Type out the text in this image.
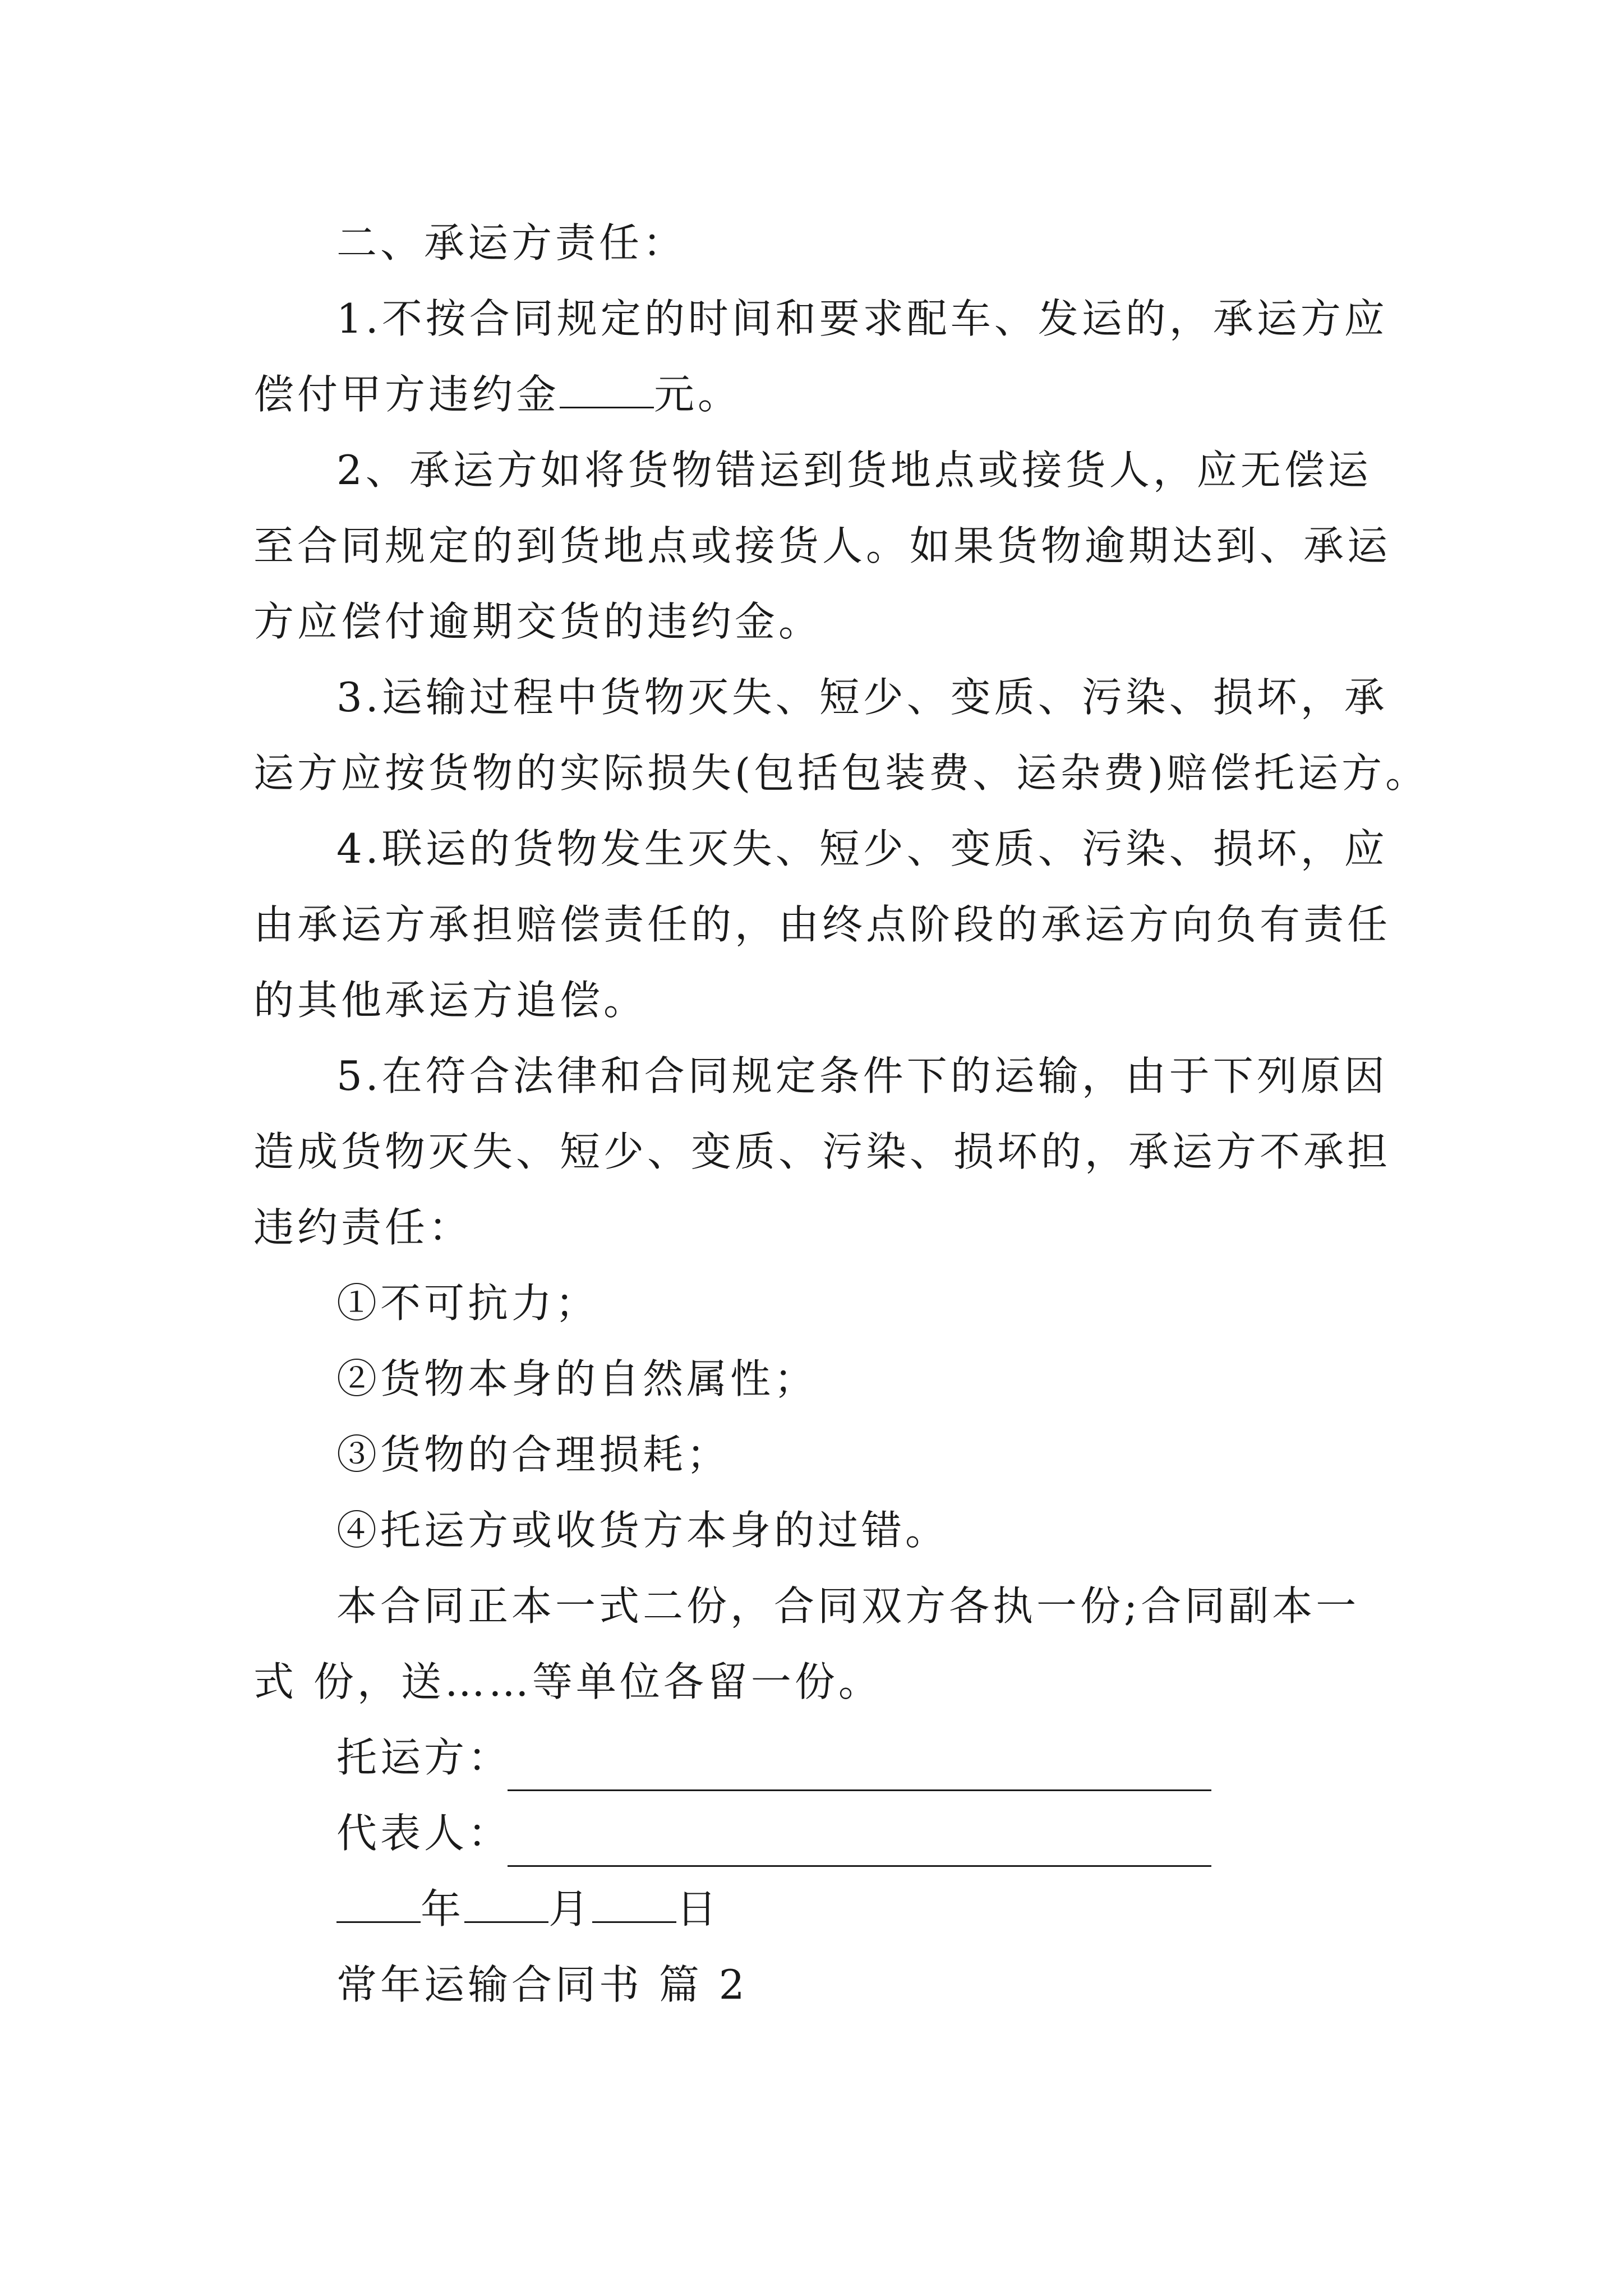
二、承运方责任：
1.不按合同规定的时间和要求配车、发运的，承运方应
偿付甲方违约金 元。
2、承运方如将货物错运到货地点或接货人，应无偿运
至合同规定的到货地点或接货人。如果货物逾期达到、承运
方应偿付逾期交货的违约金。
3.运输过程中货物灭失、短少、变质、污染、损坏，承
运方应按货物的实际损失(包括包装费、运杂费)赔偿托运方。
4.联运的货物发生灭失、短少、变质、污染、损坏，应
由承运方承担赔偿责任的，由终点阶段的承运方向负有责任
的其他承运方追偿。
5.在符合法律和合同规定条件下的运输，由于下列原因
造成货物灭失、短少、变质、污染、损坏的，承运方不承担
违约责任：
①不可抗力；
②货物本身的自然属性；
③货物的合理损耗；
④托运方或收货方本身的过错。
本合同正本一式二份，合同双方各执一份;合同副本一
式 份，送……等单位各留一份。
托运方：
代表人：
年 月 日
常年运输合同书 篇 2
